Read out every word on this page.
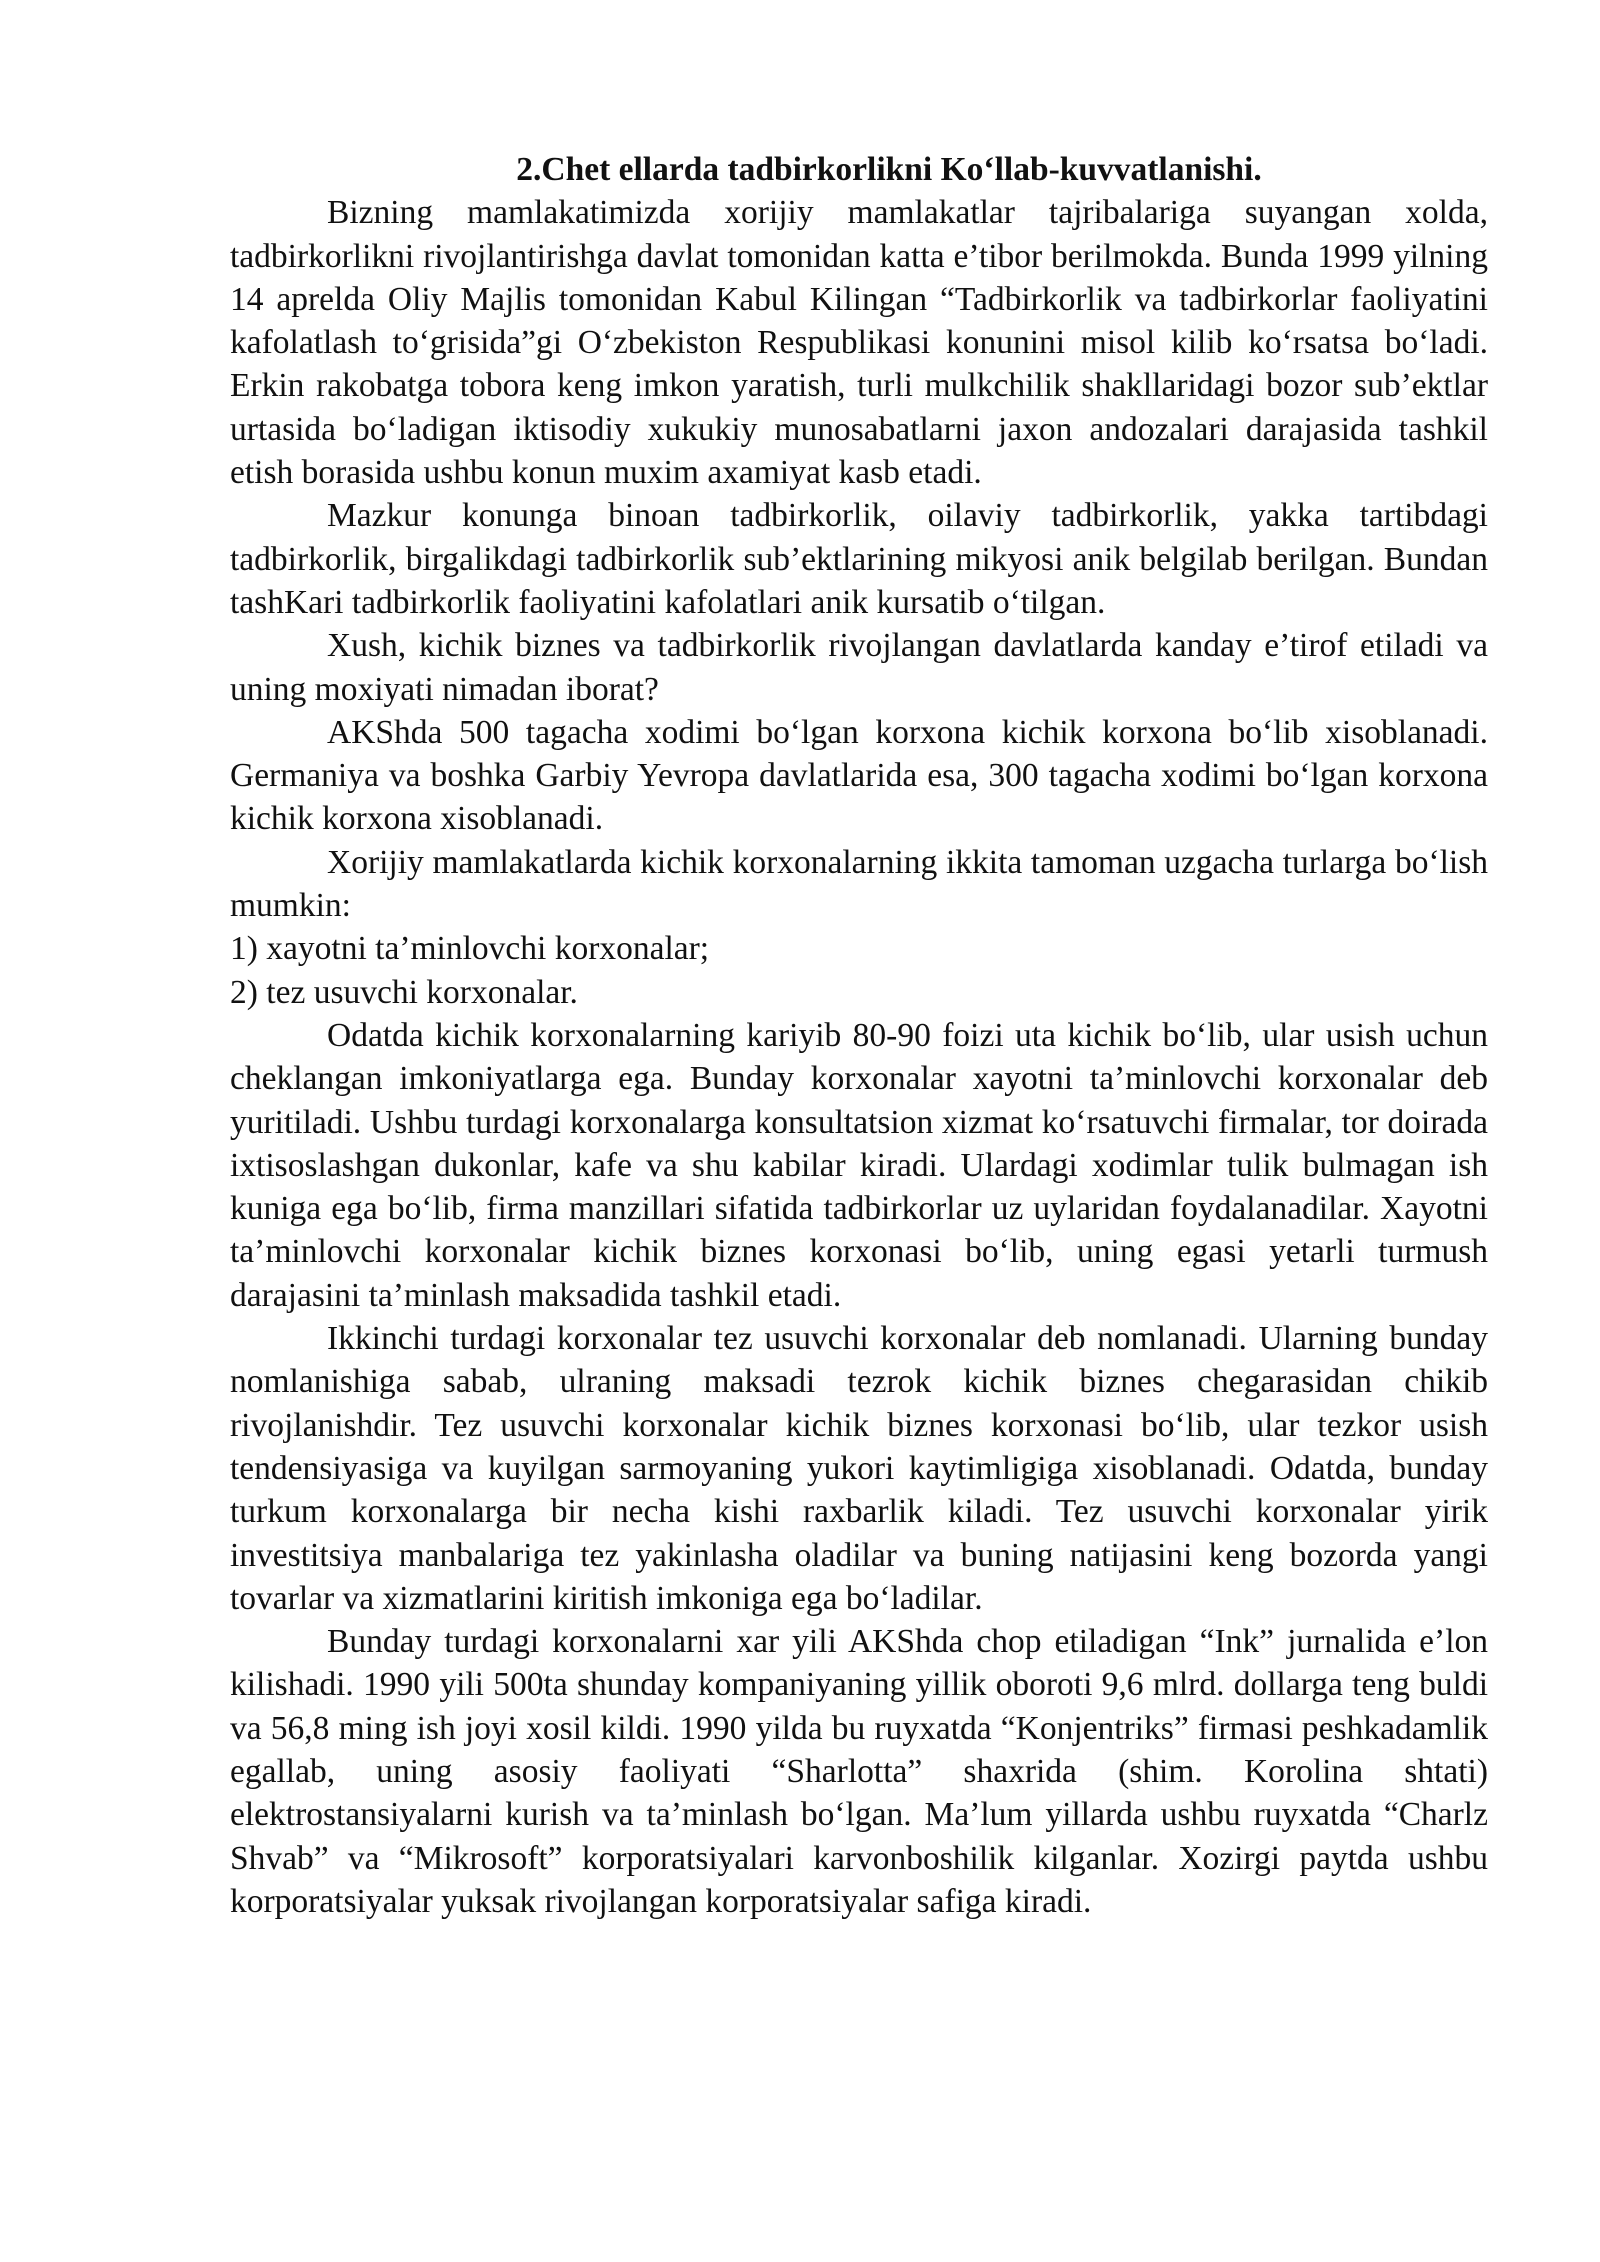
2.Chet ellarda tadbirkorlikni Ko‘llab-kuvvatlanishi.

Bizning mamlakatimizda xorijiy mamlakatlar tajribalariga suyangan xolda, tadbirkorlikni rivojlantirishga davlat tomonidan katta e’tibor berilmokda. Bunda 1999 yilning 14 aprelda Oliy Majlis tomonidan Kabul Kilingan “Tadbirkorlik va tadbirkorlar faoliyatini kafolatlash to‘grisida”gi O‘zbekiston Respublikasi konunini misol kilib ko‘rsatsa bo‘ladi. Erkin rakobatga tobora keng imkon yaratish, turli mulkchilik shakllaridagi bozor sub’ektlar urtasida bo‘ladigan iktisodiy xukukiy munosabatlarni jaxon andozalari darajasida tashkil etish borasida ushbu konun muxim axamiyat kasb etadi.

Mazkur konunga binoan tadbirkorlik, oilaviy tadbirkorlik, yakka tartibdagi tadbirkorlik, birgalikdagi tadbirkorlik sub’ektlarining mikyosi anik belgilab berilgan. Bundan tashKari tadbirkorlik faoliyatini kafolatlari anik kursatib o‘tilgan.

Xush, kichik biznes va tadbirkorlik rivojlangan davlatlarda kanday e’tirof etiladi va uning moxiyati nimadan iborat?

AKShda 500 tagacha xodimi bo‘lgan korxona kichik korxona bo‘lib xisoblanadi. Germaniya va boshka Garbiy Yevropa davlatlarida esa, 300 tagacha xodimi bo‘lgan korxona kichik korxona xisoblanadi.

Xorijiy mamlakatlarda kichik korxonalarning ikkita tamoman uzgacha turlarga bo‘lish mumkin:

1) xayotni ta’minlovchi korxonalar;

2) tez usuvchi korxonalar.

Odatda kichik korxonalarning kariyib 80-90 foizi uta kichik bo‘lib, ular usish uchun cheklangan imkoniyatlarga ega. Bunday korxonalar xayotni ta’minlovchi korxonalar deb yuritiladi. Ushbu turdagi korxonalarga konsultatsion xizmat ko‘rsatuvchi firmalar, tor doirada ixtisoslashgan dukonlar, kafe va shu kabilar kiradi. Ulardagi xodimlar tulik bulmagan ish kuniga ega bo‘lib, firma manzillari sifatida tadbirkorlar uz uylaridan foydalanadilar. Xayotni ta’minlovchi korxonalar kichik biznes korxonasi bo‘lib, uning egasi yetarli turmush darajasini ta’minlash maksadida tashkil etadi.

Ikkinchi turdagi korxonalar tez usuvchi korxonalar deb nomlanadi. Ularning bunday nomlanishiga sabab, ulraning maksadi tezrok kichik biznes chegarasidan chikib rivojlanishdir. Tez usuvchi korxonalar kichik biznes korxonasi bo‘lib, ular tezkor usish tendensiyasiga va kuyilgan sarmoyaning yukori kaytimligiga xisoblanadi. Odatda, bunday turkum korxonalarga bir necha kishi raxbarlik kiladi. Tez usuvchi korxonalar yirik investitsiya manbalariga tez yakinlasha oladilar va buning natijasini keng bozorda yangi tovarlar va xizmatlarini kiritish imkoniga ega bo‘ladilar.

Bunday turdagi korxonalarni xar yili AKShda chop etiladigan “Ink” jurnalida e’lon kilishadi. 1990 yili 500ta shunday kompaniyaning yillik oboroti 9,6 mlrd. dollarga teng buldi va 56,8 ming ish joyi xosil kildi. 1990 yilda bu ruyxatda “Konjentriks” firmasi peshkadamlik egallab, uning asosiy faoliyati “Sharlotta” shaxrida (shim. Korolina shtati) elektrostansiyalarni kurish va ta’minlash bo‘lgan. Ma’lum yillarda ushbu ruyxatda “Charlz Shvab” va “Mikrosoft” korporatsiyalari karvonboshilik kilganlar. Xozirgi paytda ushbu korporatsiyalar yuksak rivojlangan korporatsiyalar safiga kiradi.
